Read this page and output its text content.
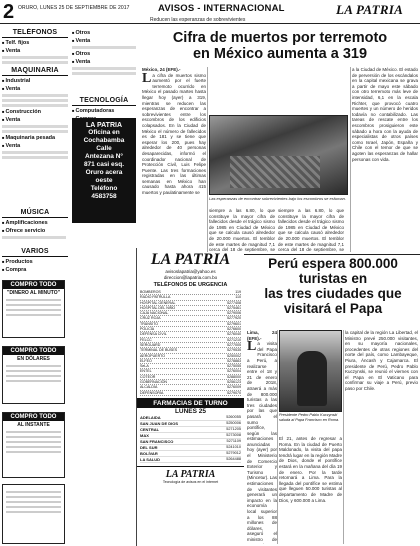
2 ORURO, LUNES 25 DE SEPTIEMBRE DE 2017	AVISOS - INTERNACIONAL	LA PATRIA
Reducen las esperanzas de sobrevivientes
TELÉFONOS
■ Telf. fijos
■ Venta
MAQUINARIA
■ Industrial
■ Venta
■ Construcción
■ Venta
■ Maquinaria pesada
■ Venta
■ Otros
■ Venta
■ Otros
■ Venta
TECNOLOGÍA
■ Computadoras
■
LA PATRIA
Oficina en
Cochabamba
Calle
Antezana N°
871 casi esq.
Oruro acera
oeste
Teléfono
4583758
MÚSICA
■ Amplificaciones
■ Ofrece servicio
VARIOS
■ Productos
■ Compra
COMPRO TODO
"DINERO AL MINUTO"
COMPRO TODO
EN DÓLARES
COMPRO TODO
AL INSTANTE
LA PATRIA
avisoslapatria@yahoo.es
direccion@lapatria.com.bo
TELÉFONOS DE URGENCIA
BOMBEROS	119
RADIO PATRULLA	110
HOSPITAL GENERAL	5277408
HOSPITAL DEL NIÑO	5275461
CAJA NACIONAL	5279006
CRUZ ROJA	5277920
TRÁNSITO	5279601
POLICÍA	5276600
DEFENSA CIVIL	5276040
FELCC	5271210
SERGUARD	5277005
TERMINAL DE BUSES	5279535
AEROPUERTO	5250002
ELFEO	5278883
SeLA	5275055
ENTEL	5276004
COTEOR	5288000
GOBERNACIÓN	5256123
ALCALDÍA	5276009
DEFENSORÍA	5279070
FARMACIAS DE TURNO
LUNES 25
ADELAIDA	5260055
SAN JUAN DE DIOS	5250006
CENTRAL	5271205
MAX	5273008
SAN FRANCISCO	5271109
DEL SUR	5241010
BOLÍVAR	5279012
LA SALUD	5264488
LA PATRIA
Tecnología de avisos en el internet
Cifra de muertos por terremoto
en México aumenta a 319
México, 24 (EFE).-
L a cifra de muertos sismo aumentó por el fuerte terremoto ocurrido en México el pasado martes hasta llegar hoy (ayer) a 319, mientras se reducen las esperanzas de encontrar a sobrevivientes entre los escombros de los edificios colapsados. En la Ciudad de México el número de fallecidos es de 181 y se tiene que esperar los 200, pues hay alrededor de 40 personas desaparecidas, informó el coordinador nacional de Protección Civil, Luis Felipe Puente. Las tres formaciones registradas en las últimas semanas en México han causado hasta ahora 415 muertos y paulatinamente se
Las esperanzas de encontrar sobrevivientes bajo los escombros se esfuman.
siempre a las 6.80, lo que constituye la mayor cifra de fallecidos desde el trágico sismo de 1985 en Ciudad de México que se calcula causó alrededor de 20.000 muertos. El temblor de este martes de magnitud 7,1 cerca del 18 de septiembre, se
siempre a las 6.80, lo que constituye la mayor cifra de fallecidos desde el trágico sismo de 1985 en Ciudad de México que se calcula causó alrededor de 20.000 muertos. El temblor de este martes de magnitud 7,1 cerca del 18 de septiembre, se
a la Ciudad de México. El estado de perversión de los escándalos en la capital mexicana se grava a partir de mayo este sábado con otro terremoto más leve de intensidad, 6,1 en la escala Richter, que provocó cuatro muertes y un número de heridos todavía no contabilizado. Las tareas de rescate entre los escombros prosiguieron este sábado a hora con la ayuda de especialistas de otros países como Israel, Japón, España y Chile con el temor de que se agoten las esperanzas de hallar personas con vida.
Perú espera 800.000 turistas en
las tres ciudades que visitará el Papa
Lima, 24 (EFE).-
L a visita del Papa Francisco a Perú, a realizarse entre el 18 y 21 de enero de 2018, atraerá a más de 800.000 turistas a las tres ciudades por las que pasará el sumo pontífice, según las estimaciones anunciadas hoy (ayer) por el Ministerio de Comercio Exterior y Turismo (Mincetur). Las estimaciones de visitantes generará un impacto en la economía local superior a los 88 millones de dólares, aseguró el ministro de
Presidente Pedro Pablo Kuczynski saluda al Papa Francisco en Roma.
El 21, antes de regresar a Roma. En la ciudad de Puerto Maldonado, la visita del papa tendrá lugar en la región Madre de Dios, donde el pontífice estará en la mañana del día 19 de enero. Por la tarde retornará a Lima. Para la llegada del pontífice se estima que lleguen 50.000 turistas al departamento de Madre de Dios, y 600.000 a Lima.
la capital de la región La Libertad, el Ministro prevé 250.000 visitantes, en su mayoría nacionales, procedentes de otras regiones del norte del país, como Lambayeque, Piura, Áncash y Cajamarca. El presidente de Perú, Pedro Pablo Kuczynski, se reunió el viernes con el Papa en El Vaticano para confirmar su viaje a Perú, previo paso por Chile.
